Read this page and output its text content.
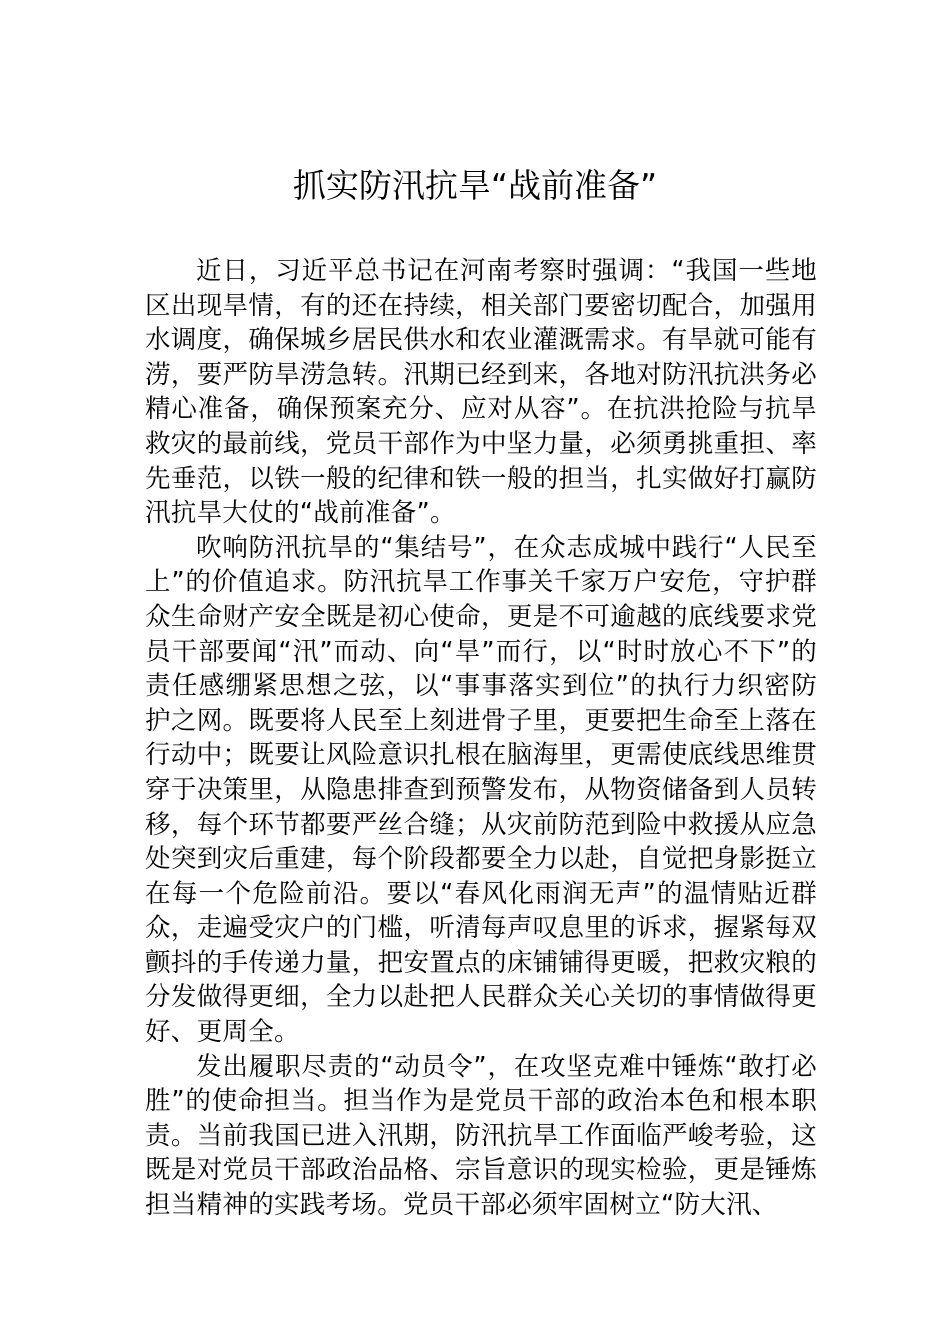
抓实防汛抗旱“战前准备”

近日，习近平总书记在河南考察时强调：“我国一些地区出现旱情，有的还在持续，相关部门要密切配合，加强用水调度，确保城乡居民供水和农业灌溉需求。有旱就可能有涝，要严防旱涝急转。汛期已经到来，各地对防汛抗洪务必精心准备，确保预案充分、应对从容”。在抗洪抢险与抗旱救灾的最前线，党员干部作为中坚力量，必须勇挑重担、率先垂范，以铁一般的纪律和铁一般的担当，扎实做好打赢防汛抗旱大仗的“战前准备”。

吹响防汛抗旱的“集结号”，在众志成城中践行“人民至上”的价值追求。防汛抗旱工作事关千家万户安危，守护群众生命财产安全既是初心使命，更是不可逾越的底线要求党员干部要闻“汛”而动、向“旱”而行，以“时时放心不下”的责任感绷紧思想之弦，以“事事落实到位”的执行力织密防护之网。既要将人民至上刻进骨子里，更要把生命至上落在行动中；既要让风险意识扎根在脑海里，更需使底线思维贯穿于决策里，从隐患排查到预警发布，从物资储备到人员转移，每个环节都要严丝合缝；从灾前防范到险中救援从应急处突到灾后重建，每个阶段都要全力以赴，自觉把身影挺立在每一个危险前沿。要以“春风化雨润无声”的温情贴近群众，走遍受灾户的门槛，听清每声叹息里的诉求，握紧每双颤抖的手传递力量，把安置点的床铺铺得更暖，把救灾粮的分发做得更细，全力以赴把人民群众关心关切的事情做得更好、更周全。

发出履职尽责的“动员令”，在攻坚克难中锤炼“敢打必胜”的使命担当。担当作为是党员干部的政治本色和根本职责。当前我国已进入汛期，防汛抗旱工作面临严峻考验，这既是对党员干部政治品格、宗旨意识的现实检验，更是锤炼担当精神的实践考场。党员干部必须牢固树立“防大汛、
